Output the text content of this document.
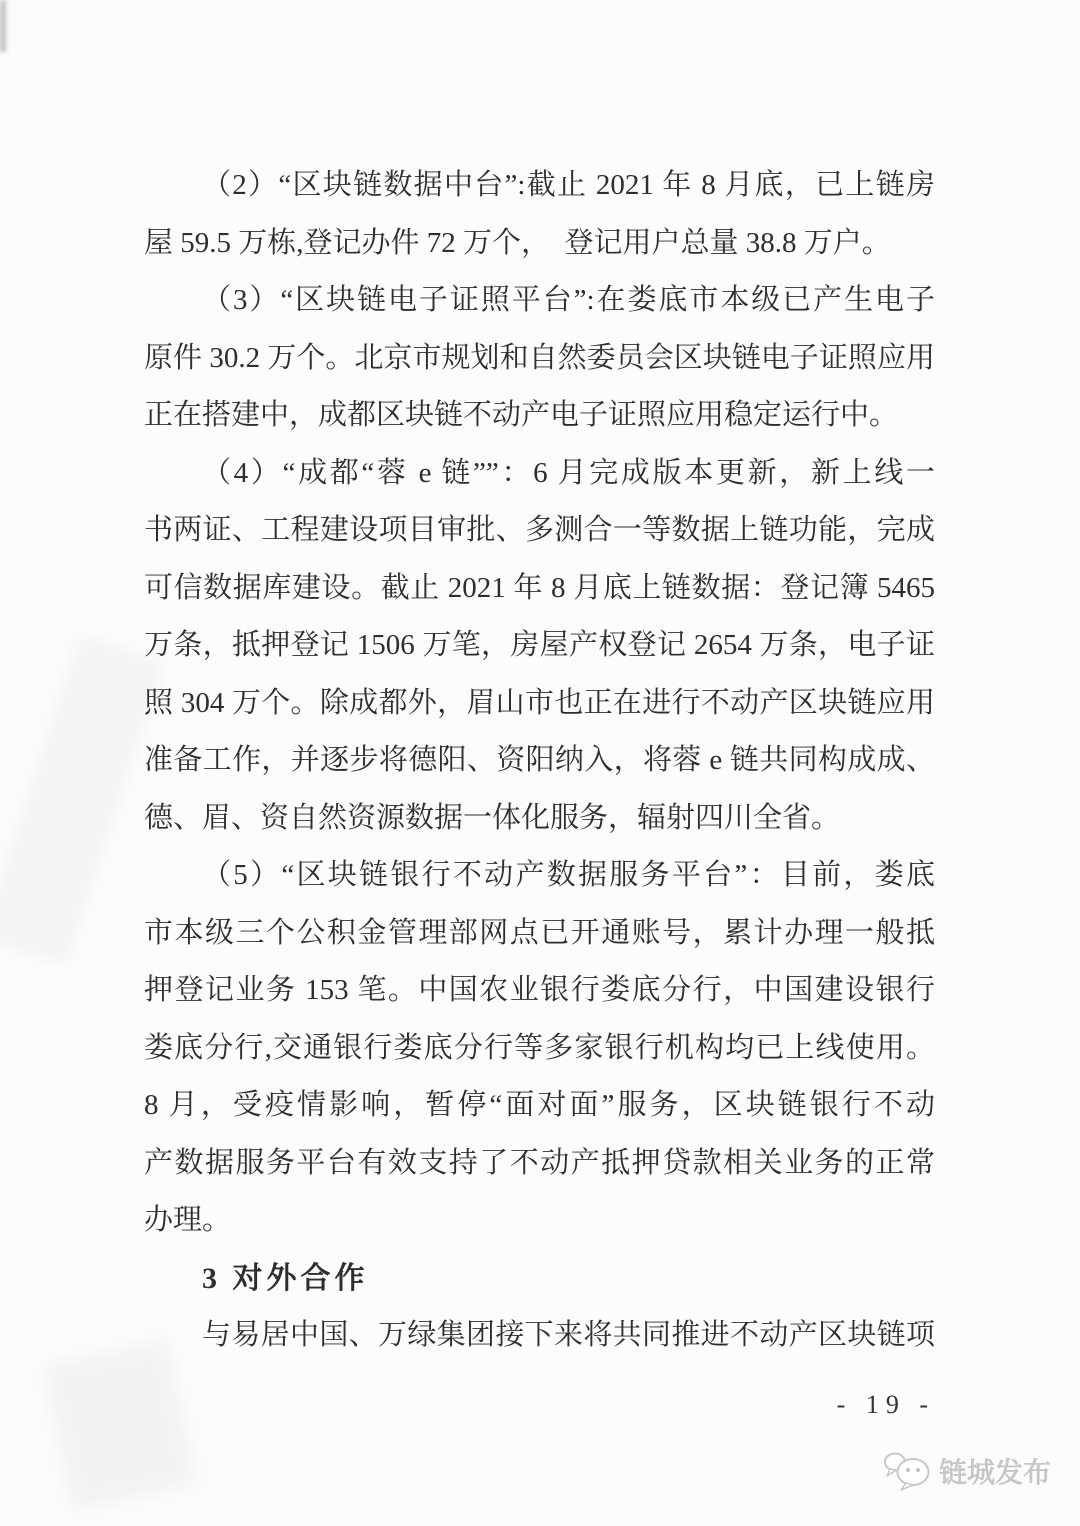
（2）“区块链数据中台”:截止 2021 年 8 月底，已上链房
屋 59.5 万栋,登记办件 72 万个，  登记用户总量 38.8 万户。

（3）“区块链电子证照平台”:在娄底市本级已产生电子
原件 30.2 万个。北京市规划和自然委员会区块链电子证照应用
正在搭建中，成都区块链不动产电子证照应用稳定运行中。

（4）“成都“蓉 e 链””：6 月完成版本更新，新上线一
书两证、工程建设项目审批、多测合一等数据上链功能，完成
可信数据库建设。截止 2021 年 8 月底上链数据：登记簿 5465
万条，抵押登记 1506 万笔，房屋产权登记 2654 万条，电子证
照 304 万个。除成都外，眉山市也正在进行不动产区块链应用
准备工作，并逐步将德阳、资阳纳入，将蓉 e 链共同构成成、
德、眉、资自然资源数据一体化服务，辐射四川全省。

（5）“区块链银行不动产数据服务平台”：目前，娄底
市本级三个公积金管理部网点已开通账号，累计办理一般抵
押登记业务 153 笔。中国农业银行娄底分行，中国建设银行
娄底分行,交通银行娄底分行等多家银行机构均已上线使用。
8 月，受疫情影响，暂停“面对面”服务，区块链银行不动
产数据服务平台有效支持了不动产抵押贷款相关业务的正常
办理。

3 对外合作

与易居中国、万绿集团接下来将共同推进不动产区块链项

- 19 -
链城发布
